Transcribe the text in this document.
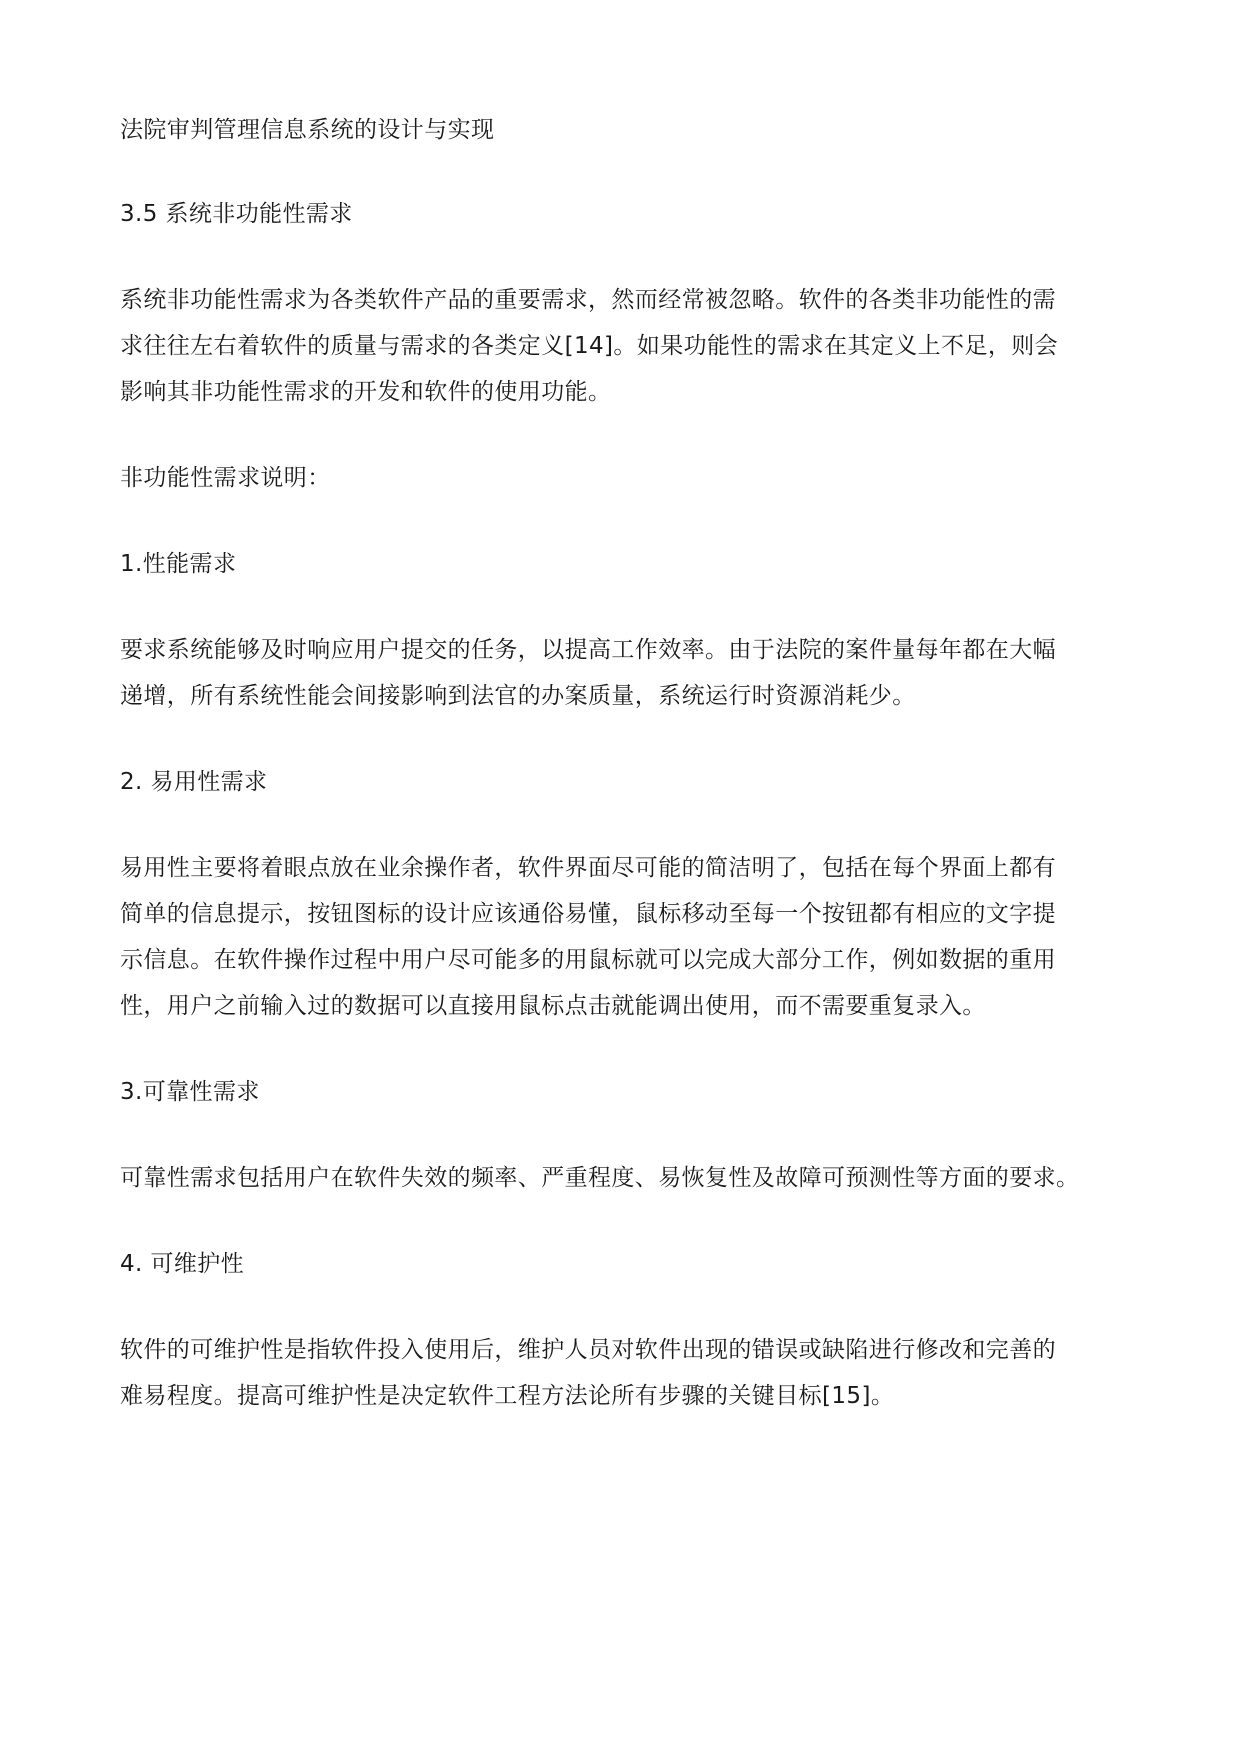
法院审判管理信息系统的设计与实现
3.5 系统非功能性需求
系统非功能性需求为各类软件产品的重要需求，然而经常被忽略。软件的各类非功能性的需
求往往左右着软件的质量与需求的各类定义[14]。如果功能性的需求在其定义上不足，则会
影响其非功能性需求的开发和软件的使用功能。
非功能性需求说明：
1.性能需求
要求系统能够及时响应用户提交的任务，以提高工作效率。由于法院的案件量每年都在大幅
递增，所有系统性能会间接影响到法官的办案质量，系统运行时资源消耗少。
2. 易用性需求
易用性主要将着眼点放在业余操作者，软件界面尽可能的简洁明了，包括在每个界面上都有
简单的信息提示，按钮图标的设计应该通俗易懂，鼠标移动至每一个按钮都有相应的文字提
示信息。在软件操作过程中用户尽可能多的用鼠标就可以完成大部分工作，例如数据的重用
性，用户之前输入过的数据可以直接用鼠标点击就能调出使用，而不需要重复录入。
3.可靠性需求
可靠性需求包括用户在软件失效的频率、严重程度、易恢复性及故障可预测性等方面的要求。
4. 可维护性
软件的可维护性是指软件投入使用后，维护人员对软件出现的错误或缺陷进行修改和完善的
难易程度。提高可维护性是决定软件工程方法论所有步骤的关键目标[15]。
